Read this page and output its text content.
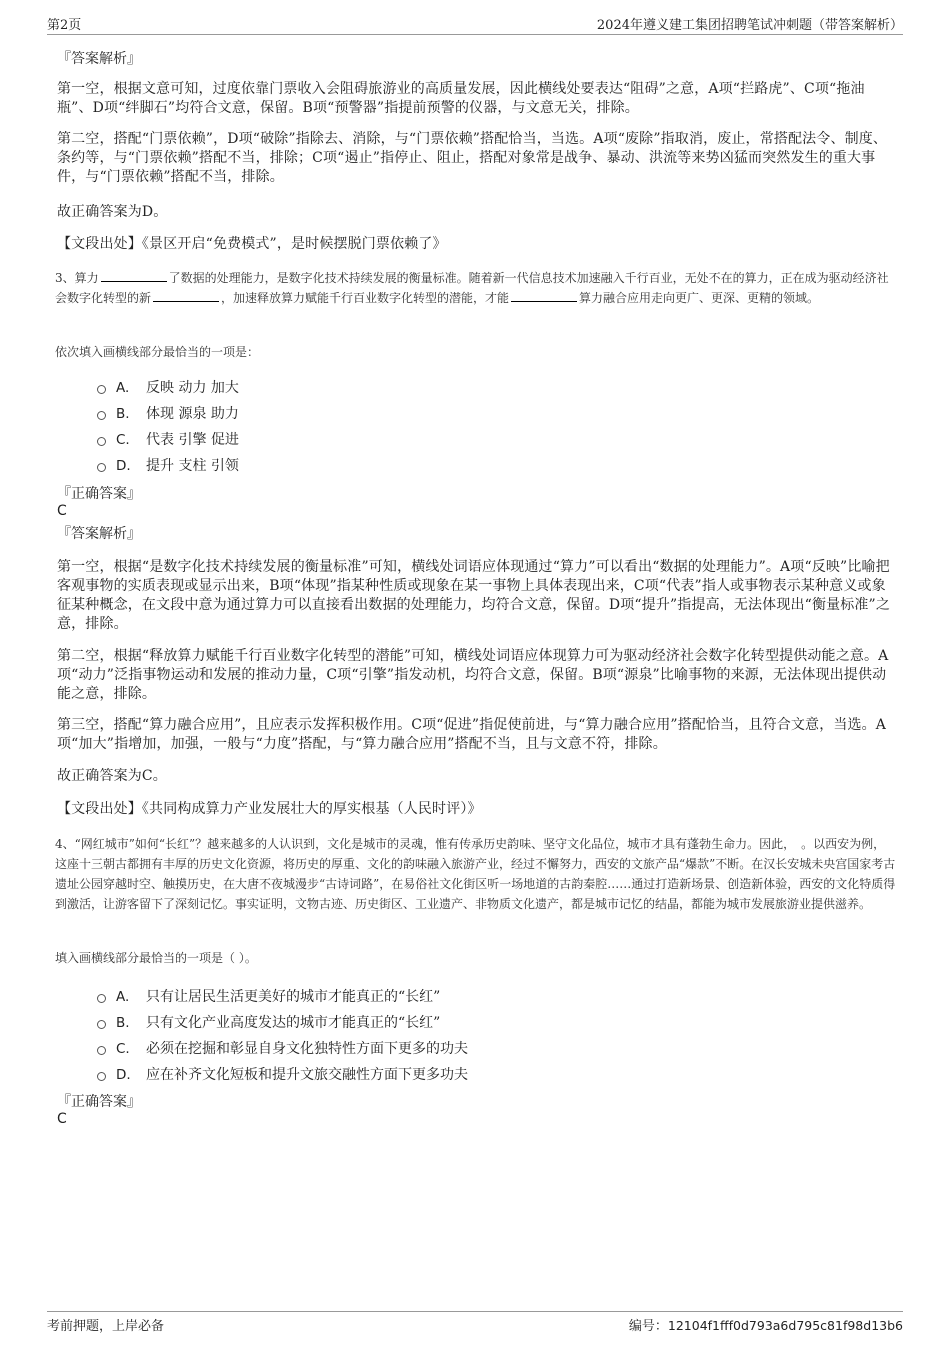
第2页	2024年遵义建工集团招聘笔试冲刺题（带答案解析）
『答案解析』
第一空，根据文意可知，过度依靠门票收入会阻碍旅游业的高质量发展，因此横线处要表达“阻碍”之意，A项“拦路虎”、C项“拖油瓶”、D项“绊脚石”均符合文意，保留。B项“预警器”指提前预警的仪器，与文意无关，排除。
第二空，搭配“门票依赖”，D项“破除”指除去、消除，与“门票依赖”搭配恰当，当选。A项“废除”指取消，废止，常搭配法令、制度、条约等，与“门票依赖”搭配不当，排除；C项“遏止”指停止、阻止，搭配对象常是战争、暴动、洪流等来势凶猛而突然发生的重大事件，与“门票依赖”搭配不当，排除。
故正确答案为D。
【文段出处】《景区开启“免费模式”，是时候摆脱门票依赖了》
3、算力	了数据的处理能力，是数字化技术持续发展的衡量标准。随着新一代信息技术加速融入千行百业，无处不在的算力，正在成为驱动经济社会数字化转型的新	，加速释放算力赋能千行百业数字化转型的潜能，才能	算力融合应用走向更广、更深、更精的领域。
依次填入画横线部分最恰当的一项是：
A.	反映 动力 加大
B.	体现 源泉 助力
C.	代表 引擎 促进
D.	提升 支柱 引领
『正确答案』
C
『答案解析』
第一空，根据“是数字化技术持续发展的衡量标准”可知，横线处词语应体现通过“算力”可以看出“数据的处理能力”。A项“反映”比喻把客观事物的实质表现或显示出来，B项“体现”指某种性质或现象在某一事物上具体表现出来，C项“代表”指人或事物表示某种意义或象征某种概念，在文段中意为通过算力可以直接看出数据的处理能力，均符合文意，保留。D项“提升”指提高，无法体现出“衡量标准”之意，排除。
第二空，根据“释放算力赋能千行百业数字化转型的潜能”可知，横线处词语应体现算力可为驱动经济社会数字化转型提供动能之意。A项“动力”泛指事物运动和发展的推动力量，C项“引擎”指发动机，均符合文意，保留。B项“源泉”比喻事物的来源，无法体现出提供动能之意，排除。
第三空，搭配“算力融合应用”，且应表示发挥积极作用。C项“促进”指促使前进，与“算力融合应用”搭配恰当，且符合文意，当选。A项“加大”指增加，加强，一般与“力度”搭配，与“算力融合应用”搭配不当，且与文意不符，排除。
故正确答案为C。
【文段出处】《共同构成算力产业发展壮大的厚实根基（人民时评）》
4、“网红城市”如何“长红”？越来越多的人认识到，文化是城市的灵魂，惟有传承历史韵味、坚守文化品位，城市才具有蓬勃生命力。因此，　。以西安为例，这座十三朝古都拥有丰厚的历史文化资源，将历史的厚重、文化的韵味融入旅游产业，经过不懈努力，西安的文旅产品“爆款”不断。在汉长安城未央宫国家考古遗址公园穿越时空、触摸历史，在大唐不夜城漫步“古诗词路”，在易俗社文化街区听一场地道的古韵秦腔……通过打造新场景、创造新体验，西安的文化特质得到激活，让游客留下了深刻记忆。事实证明，文物古迹、历史街区、工业遗产、非物质文化遗产，都是城市记忆的结晶，都能为城市发展旅游业提供滋养。
填入画横线部分最恰当的一项是（ ）。
A.	只有让居民生活更美好的城市才能真正的“长红”
B.	只有文化产业高度发达的城市才能真正的“长红”
C.	必须在挖掘和彰显自身文化独特性方面下更多的功夫
D.	应在补齐文化短板和提升文旅交融性方面下更多功夫
『正确答案』
C
考前押题，上岸必备	编号：12104f1fff0d793a6d795c81f98d13b6
